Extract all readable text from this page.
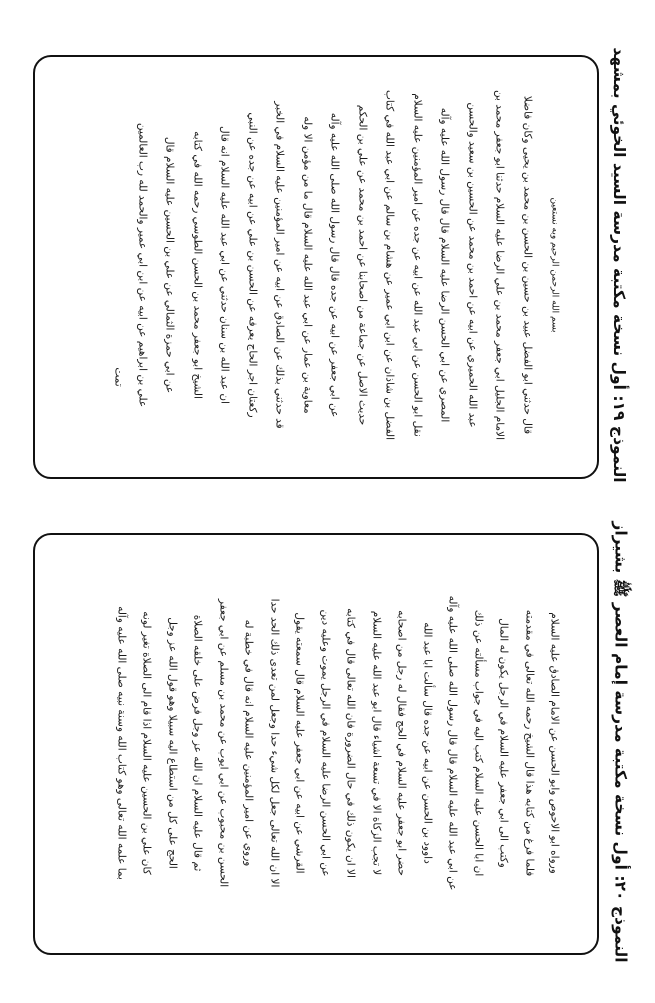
بسم الله الرحمن الرحيم وبه نستعين
قال حدثني ابو الفضل عبيد بن حسين بن الحسن بن محمد بن يحيى وكان فاضلا
الامام الجليل ابي جعفر محمد بن علي الرضا عليه السلام حدثنا ابو جعفر محمد بن
عبد الله الحميري عن ابيه عن احمد بن محمد عن الحسين بن سعيد والحسن
المصري عن ابي الحسن الرضا عليه السلام قال قال رسول الله عليه وآله
نقل ابو الحسن عن ابي عبد الله عن ابيه عن جده عن امير المؤمنين عليه السلام
الفضل بن شاذان عن ابن ابي عمير عن هشام بن سالم عن ابي عبد الله في كتاب
حديث الاصل عن جماعة من اصحابنا عن احمد بن محمد عن علي بن الحكم
عن ابي جعفر عن ابيه عن جده قال قال رسول الله صلى الله عليه وآله
معاوية بن عمار عن ابي عبد الله عليه السلام قال ما من مؤمن الا وله
قد حدثني بذلك عن الصادق عن ابيه عن امير المؤمنين عليه السلام في الخبر
ركعتان اجر الحاج يعرفه عن الحسن بن علي عن ابيه عن جده عن النبي
ان عبد الله بن سنان حدثني عن ابي عبد الله عليه السلام انه قال
الشيخ ابو جعفر محمد بن الحسن الطوسي رحمه الله في كتابه
عن ابي حمزة الثمالي عن علي بن الحسين عليه السلام قال
علي بن ابراهيم عن ابيه عن ابن ابي عمير والحمد لله رب العالمين
تمت	النموذج ١٩: أول نسخة مكتبة مدرسة السيد الخوئي بمشهد
ورواه ابو الاحوص وابو الحسن عن الامام الصادق عليه السلام
فلما فرغ من كتابه هذا قال الشيخ رحمه الله تعالى في مقدمته
وكتب الى ابي جعفر عليه السلام في الرجل يكون له المال
ان ابا الحسن عليه السلام كتب اليه في جواب مسألته عن ذلك
عن ابي عبد الله عليه السلام قال قال رسول الله صلى الله عليه وآله
داوود بن الحسن عن ابيه عن جده قال سألت ابا عبد الله
حضر ابو جعفر عليه السلام في الحج فقال له رجل من اصحابه
لا تجب الزكاة الا في تسعة اشياء قال ابو عبد الله عليه السلام
الا ان يكون ذلك في حال الضرورة فان الله تعالى قال في كتابه
عن ابي الحسن الرضا عليه السلام في الرجل يموت وعليه دين
القرشي عن ابيه عن ابي جعفر عليه السلام قال سمعته يقول
الا ان الله تعالى جعل لكل شيء حدا وجعل لمن تعدى ذلك الحد حدا
وروي عن امير المؤمنين عليه السلام انه قال في خطبة له
الحسن بن محبوب عن ابي ايوب عن محمد بن مسلم عن ابي جعفر
ثم قال عليه السلام ان الله عز وجل فرض على خلقه الصلاة
الحج على كل من استطاع اليه سبيلا وهو قول الله عز وجل
كان علي بن الحسين عليه السلام اذا قام الى الصلاة تغير لونه
بما علمه الله تعالى وهو كتاب الله وسنة نبيه صلى الله عليه وآله	النموذج ٢٠: أول نسخة مكتبة مدرسة إمام العصر ﷺ بشيراز
